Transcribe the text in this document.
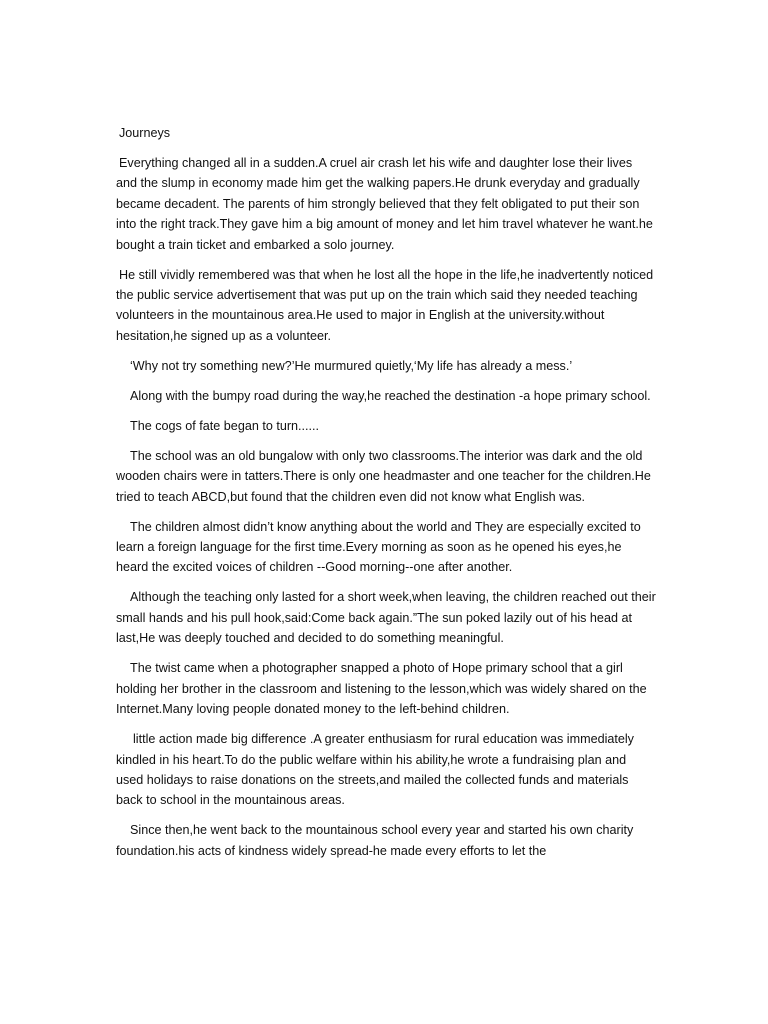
Journeys

Everything changed all in a sudden.A cruel air crash let his wife and daughter lose their lives and the slump in economy made him get the walking papers.He drunk everyday and gradually became decadent. The parents of him strongly believed that they felt obligated to put their son into the right track.They gave him a big amount of money and let him travel whatever he want.he bought a train ticket and embarked a solo journey.

He still vividly remembered was that when he lost all the hope in the life,he inadvertently noticed the public service advertisement that was put up on the train which said they needed teaching volunteers in the mountainous area.He used to major in English at the university.without hesitation,he signed up as a volunteer.

‘Why not try something new?’He murmured quietly,‘My life has already a mess.’

Along with the bumpy road during the way,he reached the destination -a hope primary school.

The cogs of fate began to turn......

The school was an old bungalow with only two classrooms.The interior was dark and the old wooden chairs were in tatters.There is only one headmaster and one teacher for the children.He tried to teach ABCD,but found that the children even did not know what English was.

The children almost didn’t know anything about the world and They are especially excited to learn a foreign language for the first time.Every morning as soon as he opened his eyes,he heard the excited voices of children --Good morning--one after another.

Although the teaching only lasted for a short week,when leaving, the children reached out their small hands and his pull hook,said:Come back again.”The sun poked lazily out of his head at last,He was deeply touched and decided to do something meaningful.

The twist came when a photographer snapped a photo of Hope primary school that a girl holding her brother in the classroom and listening to the lesson,which was widely shared on the Internet.Many loving people donated money to the left-behind children.

little action made big difference .A greater enthusiasm for rural education was immediately kindled in his heart.To do the public welfare within his ability,he wrote a fundraising plan and used holidays to raise donations on the streets,and mailed the collected funds and materials back to school in the mountainous areas.

Since then,he went back to the mountainous school every year and started his own charity foundation.his acts of kindness widely spread-he made every efforts to let the
